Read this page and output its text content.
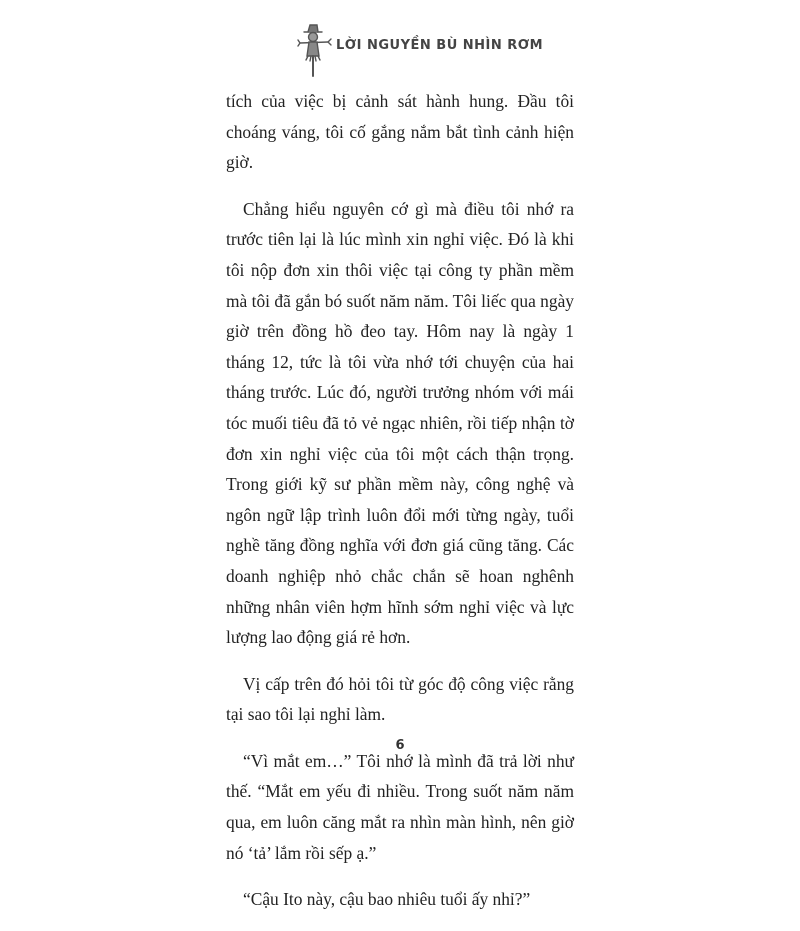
LỜI NGUYỀN BÙ NHÌN RƠM

tích của việc bị cảnh sát hành hung. Đầu tôi choáng váng, tôi cố gắng nắm bắt tình cảnh hiện giờ.

Chẳng hiểu nguyên cớ gì mà điều tôi nhớ ra trước tiên lại là lúc mình xin nghỉ việc. Đó là khi tôi nộp đơn xin thôi việc tại công ty phần mềm mà tôi đã gắn bó suốt năm năm. Tôi liếc qua ngày giờ trên đồng hồ đeo tay. Hôm nay là ngày 1 tháng 12, tức là tôi vừa nhớ tới chuyện của hai tháng trước. Lúc đó, người trưởng nhóm với mái tóc muối tiêu đã tỏ vẻ ngạc nhiên, rồi tiếp nhận tờ đơn xin nghỉ việc của tôi một cách thận trọng. Trong giới kỹ sư phần mềm này, công nghệ và ngôn ngữ lập trình luôn đổi mới từng ngày, tuổi nghề tăng đồng nghĩa với đơn giá cũng tăng. Các doanh nghiệp nhỏ chắc chắn sẽ hoan nghênh những nhân viên hợm hĩnh sớm nghỉ việc và lực lượng lao động giá rẻ hơn.

Vị cấp trên đó hỏi tôi từ góc độ công việc rằng tại sao tôi lại nghỉ làm.

“Vì mắt em…” Tôi nhớ là mình đã trả lời như thế. “Mắt em yếu đi nhiều. Trong suốt năm năm qua, em luôn căng mắt ra nhìn màn hình, nên giờ nó ‘tả’ lắm rồi sếp ạ.”

“Cậu Ito này, cậu bao nhiêu tuổi ấy nhỉ?”

6
